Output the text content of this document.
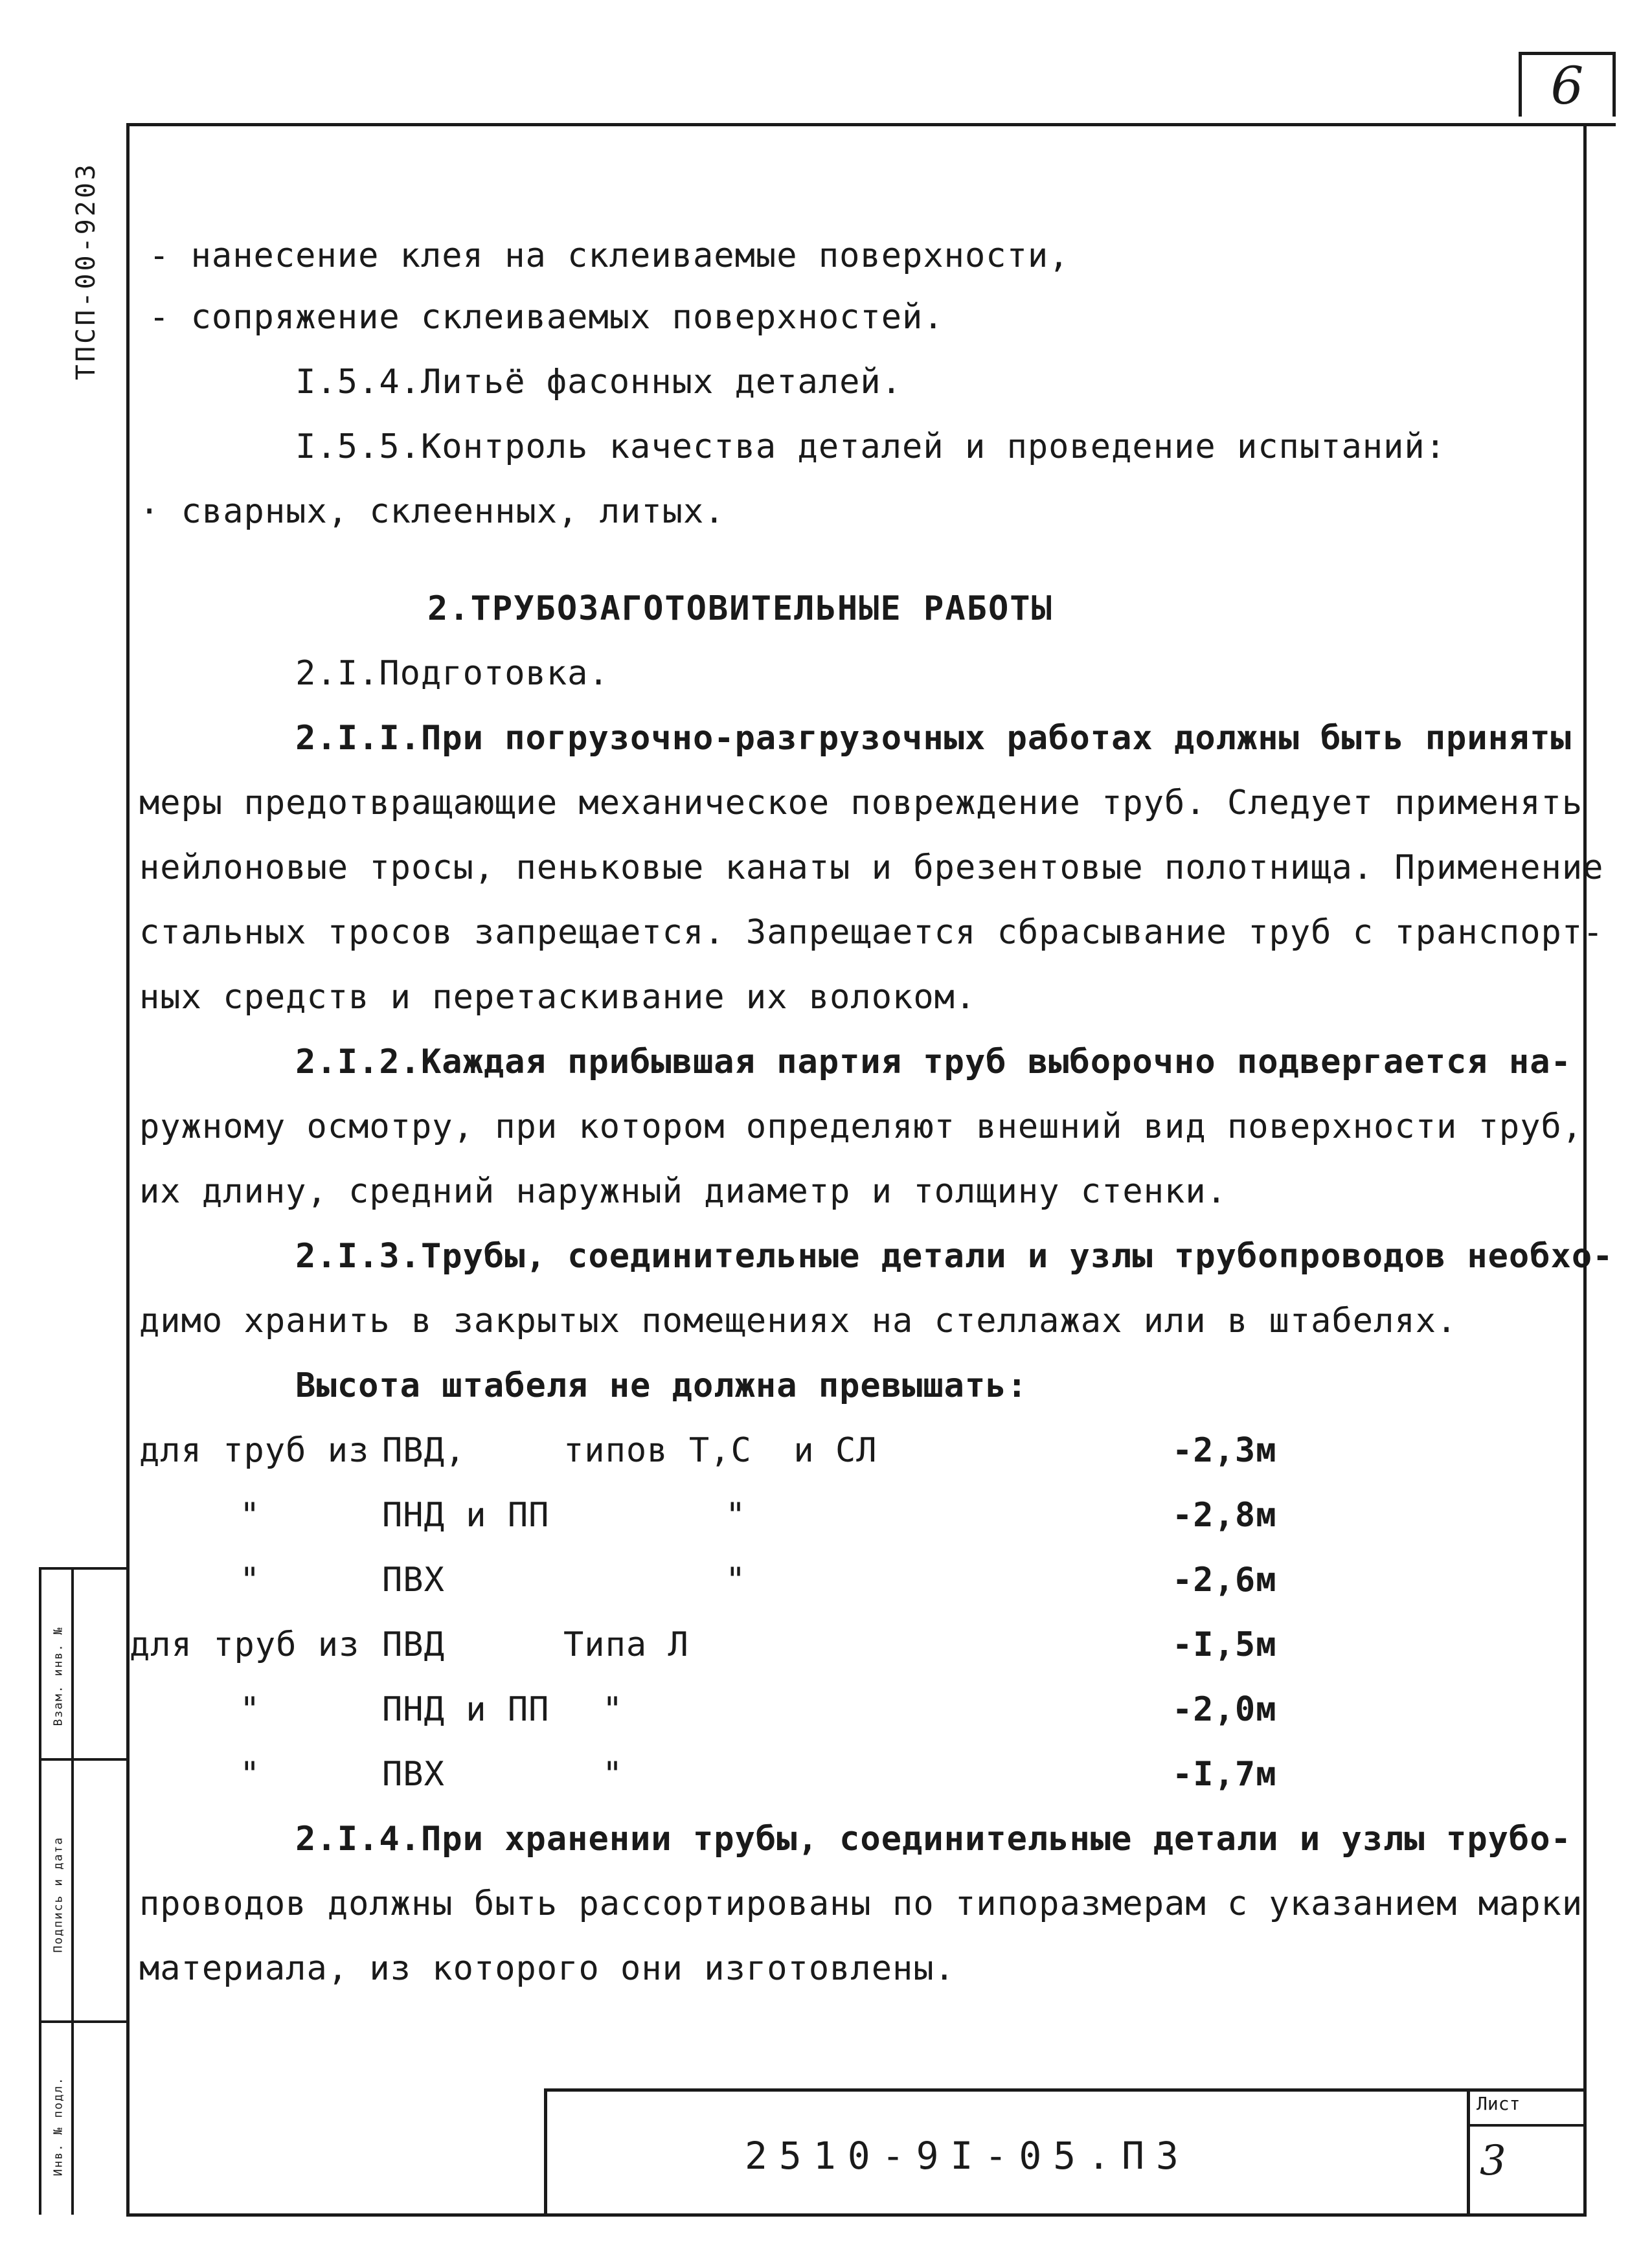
6
ТПСП-00-9203
Взам. инв. №
Подпись и дата
Инв. № подл.
- нанесение клея на склеиваемые поверхности,
- сопряжение склеиваемых поверхностей.
I.5.4.Литьё фасонных деталей.
I.5.5.Контроль качества деталей и проведение испытаний:
· сварных, склеенных, литых.
2.ТРУБОЗАГОТОВИТЕЛЬНЫЕ РАБОТЫ
2.I.Подготовка.
2.I.I.При погрузочно-разгрузочных работах должны быть приняты
меры предотвращающие механическое повреждение труб. Следует применять
нейлоновые тросы, пеньковые канаты и брезентовые полотнища. Применение
стальных тросов запрещается. Запрещается сбрасывание труб с транспорт-
ных средств и перетаскивание их волоком.
2.I.2.Каждая прибывшая партия труб выборочно подвергается на-
ружному осмотру, при котором определяют внешний вид поверхности труб,
их длину, средний наружный диаметр и толщину стенки.
2.I.3.Трубы, соединительные детали и узлы трубопроводов необхо-
димо хранить в закрытых помещениях на стеллажах или в штабелях.
Высота штабеля не должна превышать:
для труб из ПВД,	типов Т,С  и СЛ	-2,3м
"	ПНД и ПП	"	-2,8м
"	ПВХ	"	-2,6м
для труб из ПВД	Типа Л	-I,5м
"	ПНД и ПП "	-2,0м
"	ПВХ	"	-I,7м
2.I.4.При хранении трубы, соединительные детали и узлы трубо-
проводов должны быть рассортированы по типоразмерам с указанием марки
материала, из которого они изготовлены.
2510-9I-05.ПЗ
Лист
3
